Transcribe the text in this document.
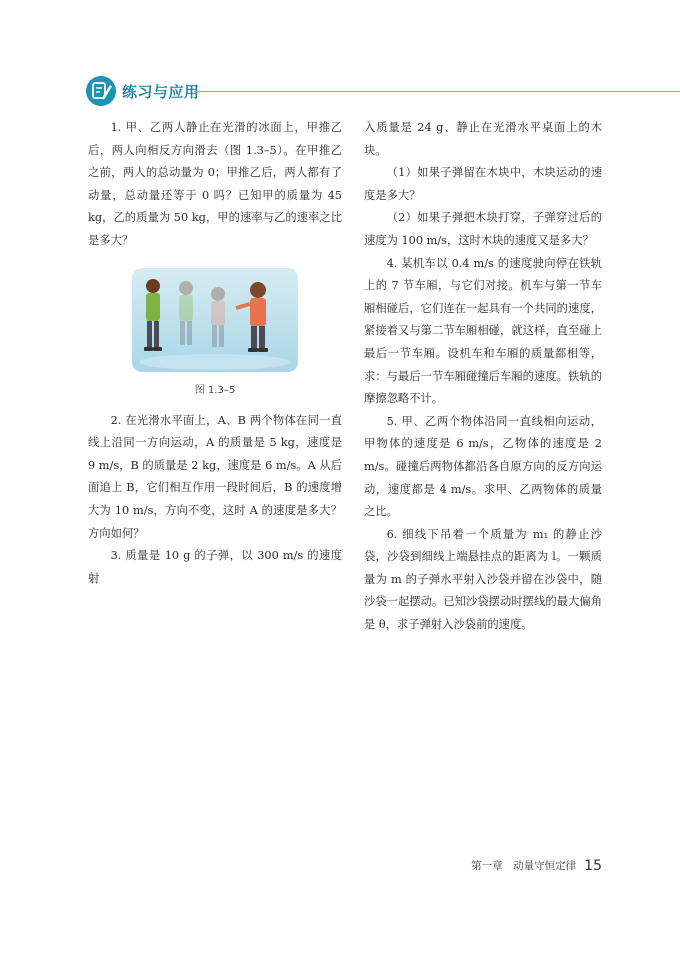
练习与应用

1. 甲、乙两人静止在光滑的冰面上，甲推乙后，两人向相反方向滑去（图 1.3–5）。在甲推乙之前，两人的总动量为 0；甲推乙后，两人都有了动量，总动量还等于 0 吗？已知甲的质量为 45 kg，乙的质量为 50 kg，甲的速率与乙的速率之比是多大？

图 1.3–5

2. 在光滑水平面上，A、B 两个物体在同一直线上沿同一方向运动，A 的质量是 5 kg，速度是 9 m/s，B 的质量是 2 kg，速度是 6 m/s。A 从后面追上 B，它们相互作用一段时间后，B 的速度增大为 10 m/s，方向不变，这时 A 的速度是多大？方向如何？

3. 质量是 10 g 的子弹，以 300 m/s 的速度射

入质量是 24 g、静止在光滑水平桌面上的木块。

（1）如果子弹留在木块中，木块运动的速度是多大？

（2）如果子弹把木块打穿，子弹穿过后的速度为 100 m/s，这时木块的速度又是多大？

4. 某机车以 0.4 m/s 的速度驶向停在铁轨上的 7 节车厢，与它们对接。机车与第一节车厢相碰后，它们连在一起具有一个共同的速度，紧接着又与第二节车厢相碰，就这样，直至碰上最后一节车厢。设机车和车厢的质量都相等，求：与最后一节车厢碰撞后车厢的速度。铁轨的摩擦忽略不计。

5. 甲、乙两个物体沿同一直线相向运动，甲物体的速度是 6 m/s，乙物体的速度是 2 m/s。碰撞后两物体都沿各自原方向的反方向运动，速度都是 4 m/s。求甲、乙两物体的质量之比。

6. 细线下吊着一个质量为 m₁ 的静止沙袋，沙袋到细线上端悬挂点的距离为 l。一颗质量为 m 的子弹水平射入沙袋并留在沙袋中，随沙袋一起摆动。已知沙袋摆动时摆线的最大偏角是 θ，求子弹射入沙袋前的速度。

第一章　动量守恒定律 15
